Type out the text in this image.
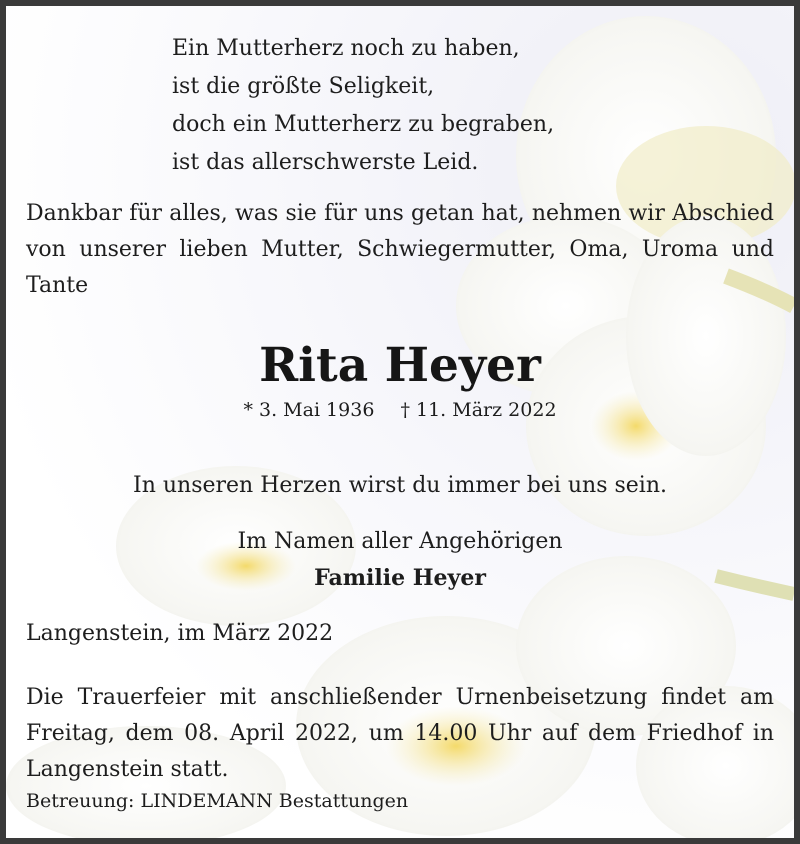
Ein Mutterherz noch zu haben,
ist die größte Seligkeit,
doch ein Mutterherz zu begraben,
ist das allerschwerste Leid.

Dankbar für alles, was sie für uns getan hat, nehmen wir Abschied von unserer lieben Mutter, Schwiegermutter, Oma, Uroma und Tante

Rita Heyer
* 3. Mai 1936 † 11. März 2022
In unseren Herzen wirst du immer bei uns sein.
Im Namen aller Angehörigen
Familie Heyer
Langenstein, im März 2022

Die Trauerfeier mit anschließender Urnenbeisetzung findet am Freitag, dem 08. April 2022, um 14.00 Uhr auf dem Friedhof in Langenstein statt.

Betreuung: LINDEMANN Bestattungen
